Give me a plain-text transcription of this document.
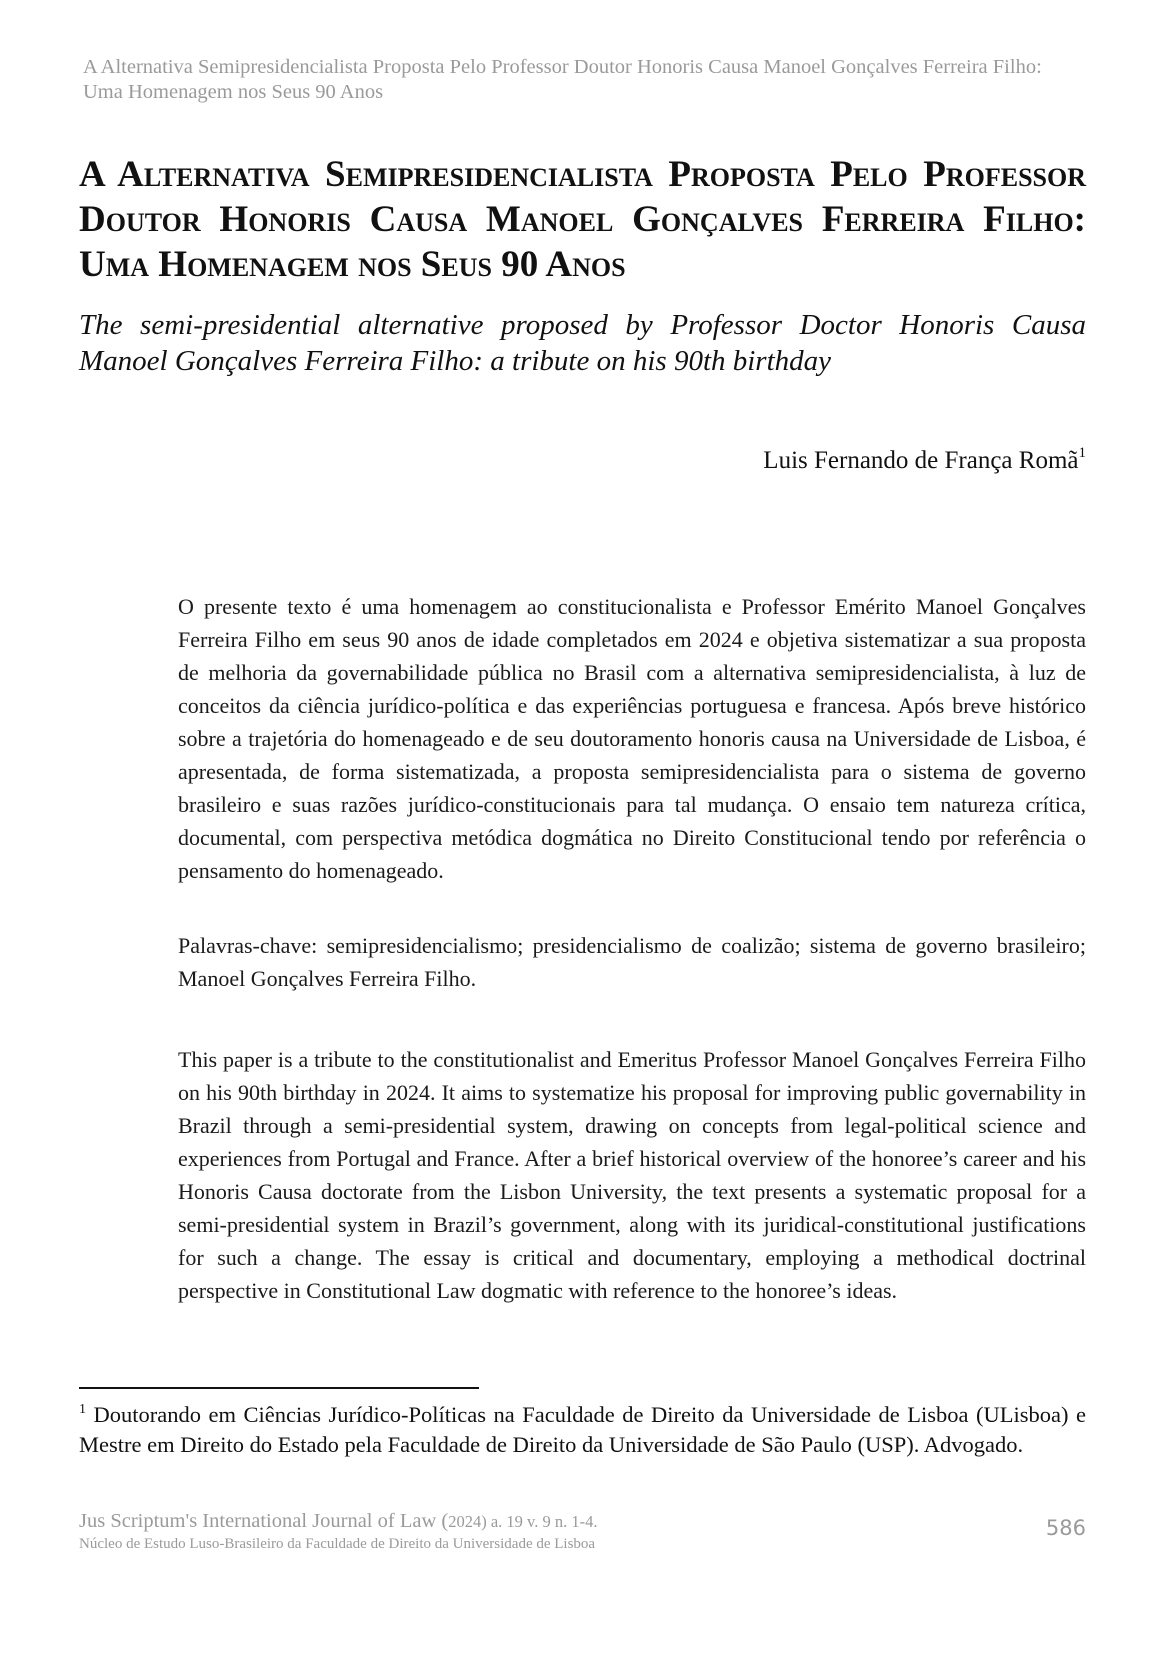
A Alternativa Semipresidencialista Proposta Pelo Professor Doutor Honoris Causa Manoel Gonçalves Ferreira Filho: Uma Homenagem nos Seus 90 Anos
A Alternativa Semipresidencialista Proposta Pelo Professor Doutor Honoris Causa Manoel Gonçalves Ferreira Filho: Uma Homenagem nos Seus 90 Anos
The semi-presidential alternative proposed by Professor Doctor Honoris Causa Manoel Gonçalves Ferreira Filho: a tribute on his 90th birthday
Luis Fernando de França Romã$^1$

O presente texto é uma homenagem ao constitucionalista e Professor Emérito Manoel Gonçalves Ferreira Filho em seus 90 anos de idade completados em 2024 e objetiva sistematizar a sua proposta de melhoria da governabilidade pública no Brasil com a alternativa semipresidencialista, à luz de conceitos da ciência jurídico-política e das experiências portuguesa e francesa. Após breve histórico sobre a trajetória do homenageado e de seu doutoramento honoris causa na Universidade de Lisboa, é apresentada, de forma sistematizada, a proposta semipresidencialista para o sistema de governo brasileiro e suas razões jurídico-constitucionais para tal mudança. O ensaio tem natureza crítica, documental, com perspectiva metódica dogmática no Direito Constitucional tendo por referência o pensamento do homenageado.

Palavras-chave: semipresidencialismo; presidencialismo de coalizão; sistema de governo brasileiro; Manoel Gonçalves Ferreira Filho.

This paper is a tribute to the constitutionalist and Emeritus Professor Manoel Gonçalves Ferreira Filho on his 90th birthday in 2024. It aims to systematize his proposal for improving public governability in Brazil through a semi-presidential system, drawing on concepts from legal-political science and experiences from Portugal and France. After a brief historical overview of the honoree’s career and his Honoris Causa doctorate from the Lisbon University, the text presents a systematic proposal for a semi-presidential system in Brazil’s government, along with its juridical-constitutional justifications for such a change. The essay is critical and documentary, employing a methodical doctrinal perspective in Constitutional Law dogmatic with reference to the honoree’s ideas.

$^1$ Doutorando em Ciências Jurídico-Políticas na Faculdade de Direito da Universidade de Lisboa (ULisboa) e Mestre em Direito do Estado pela Faculdade de Direito da Universidade de São Paulo (USP). Advogado.

Jus Scriptum's International Journal of Law (2024) a. 19 v. 9 n. 1-4.
Núcleo de Estudo Luso-Brasileiro da Faculdade de Direito da Universidade de Lisboa
586
